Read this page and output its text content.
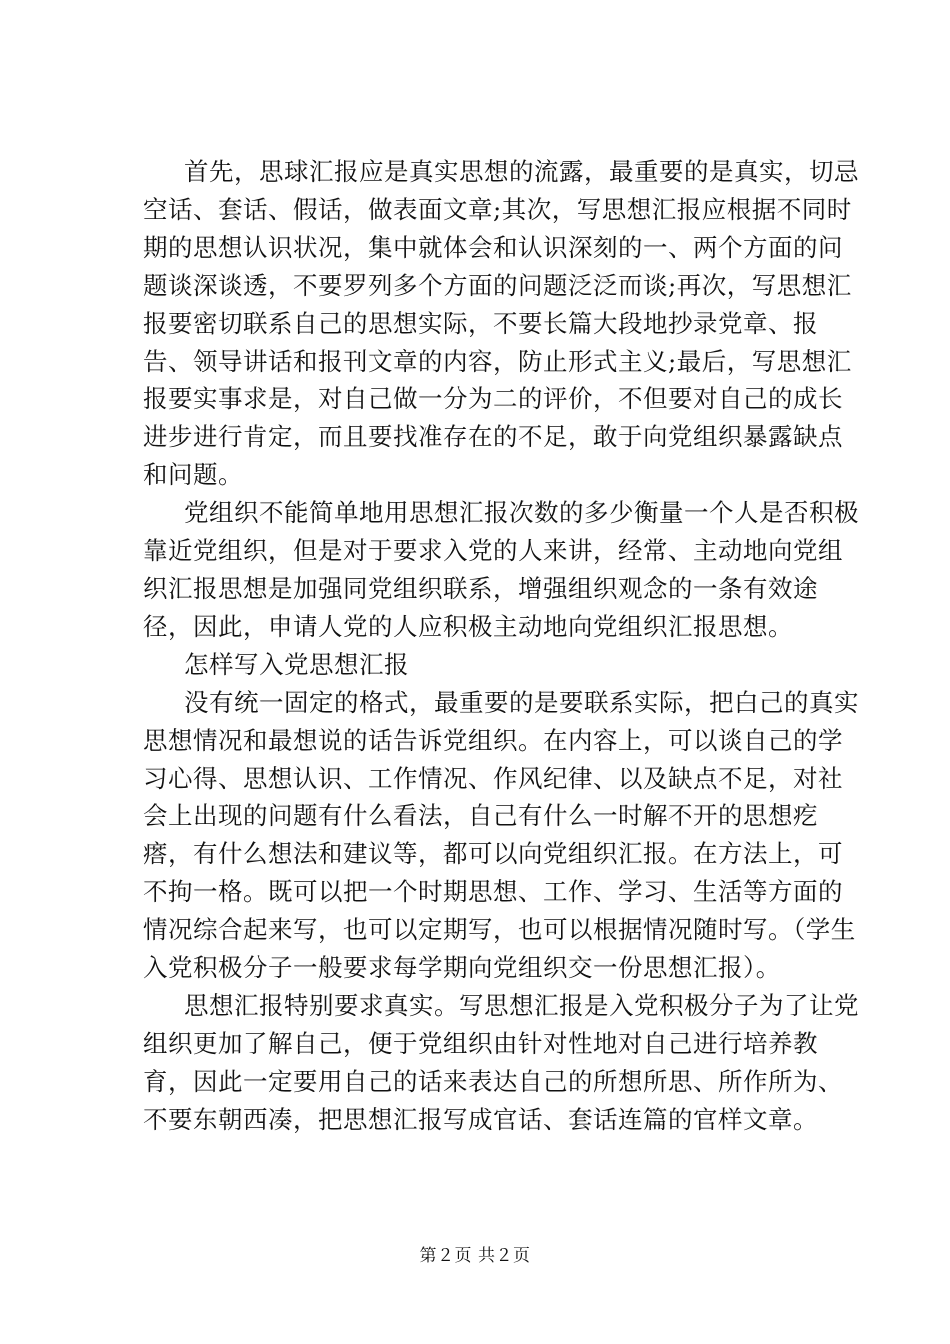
首先，思球汇报应是真实思想的流露，最重要的是真实，切忌空话、套话、假话，做表面文章;其次，写思想汇报应根据不同时期的思想认识状况，集中就体会和认识深刻的一、两个方面的问题谈深谈透，不要罗列多个方面的问题泛泛而谈;再次，写思想汇报要密切联系自己的思想实际，不要长篇大段地抄录党章、报告、领导讲话和报刊文章的内容，防止形式主义;最后，写思想汇报要实事求是，对自己做一分为二的评价，不但要对自己的成长进步进行肯定，而且要找准存在的不足，敢于向党组织暴露缺点和问题。

党组织不能简单地用思想汇报次数的多少衡量一个人是否积极靠近党组织，但是对于要求入党的人来讲，经常、主动地向党组织汇报思想是加强同党组织联系，增强组织观念的一条有效途径，因此，申请人党的人应积极主动地向党组织汇报思想。

怎样写入党思想汇报

没有统一固定的格式，最重要的是要联系实际，把白己的真实思想情况和最想说的话告诉党组织。在内容上，可以谈自己的学习心得、思想认识、工作情况、作风纪律、以及缺点不足，对社会上出现的问题有什么看法，自己有什么一时解不开的思想疙瘩，有什么想法和建议等，都可以向党组织汇报。在方法上，可不拘一格。既可以把一个时期思想、工作、学习、生活等方面的情况综合起来写，也可以定期写，也可以根据情况随时写。（学生入党积极分子一般要求每学期向党组织交一份思想汇报）。

思想汇报特别要求真实。写思想汇报是入党积极分子为了让党组织更加了解自己，便于党组织由针对性地对自己进行培养教育，因此一定要用自己的话来表达自己的所想所思、所作所为、不要东朝西凑，把思想汇报写成官话、套话连篇的官样文章。

第２页 共２页
